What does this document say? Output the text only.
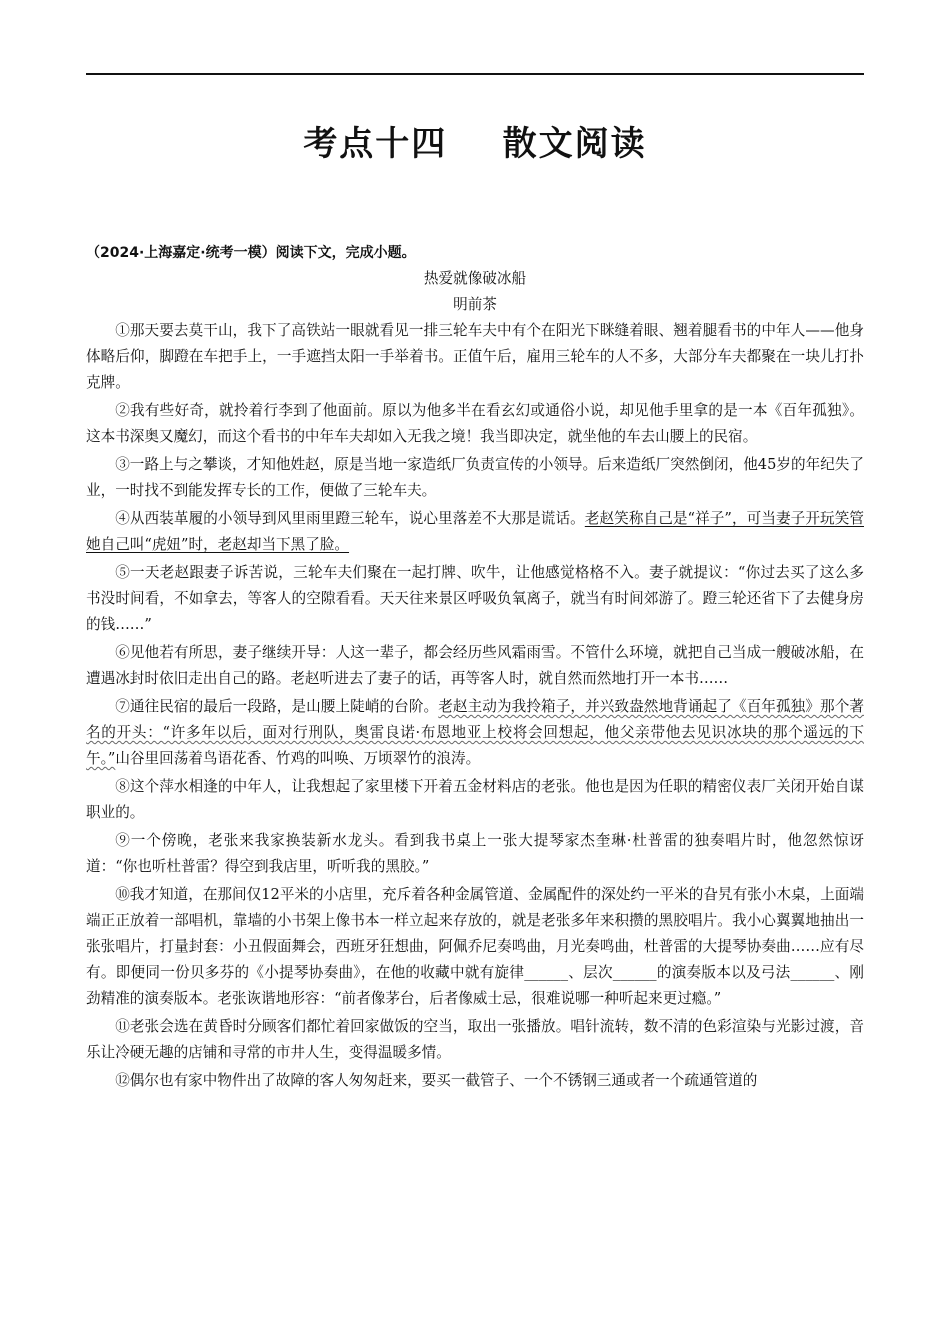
考点十四    散文阅读
（2024·上海嘉定·统考一模）阅读下文，完成小题。
热爱就像破冰船
明前茶

①那天要去莫干山，我下了高铁站一眼就看见一排三轮车夫中有个在阳光下眯缝着眼、翘着腿看书的中年人——他身体略后仰，脚蹬在车把手上，一手遮挡太阳一手举着书。正值午后，雇用三轮车的人不多，大部分车夫都聚在一块儿打扑克牌。

②我有些好奇，就拎着行李到了他面前。原以为他多半在看玄幻或通俗小说，却见他手里拿的是一本《百年孤独》。这本书深奥又魔幻，而这个看书的中年车夫却如入无我之境！我当即决定，就坐他的车去山腰上的民宿。

③一路上与之攀谈，才知他姓赵，原是当地一家造纸厂负责宣传的小领导。后来造纸厂突然倒闭，他45岁的年纪失了业，一时找不到能发挥专长的工作，便做了三轮车夫。

④从西装革履的小领导到风里雨里蹬三轮车，说心里落差不大那是谎话。老赵笑称自己是“祥子”，可当妻子开玩笑管她自己叫“虎妞”时，老赵却当下黑了脸。

⑤一天老赵跟妻子诉苦说，三轮车夫们聚在一起打牌、吹牛，让他感觉格格不入。妻子就提议：“你过去买了这么多书没时间看，不如拿去，等客人的空隙看看。天天往来景区呼吸负氧离子，就当有时间郊游了。蹬三轮还省下了去健身房的钱……”

⑥见他若有所思，妻子继续开导：人这一辈子，都会经历些风霜雨雪。不管什么环境，就把自己当成一艘破冰船，在遭遇冰封时依旧走出自己的路。老赵听进去了妻子的话，再等客人时，就自然而然地打开一本书……

⑦通往民宿的最后一段路，是山腰上陡峭的台阶。老赵主动为我拎箱子，并兴致盎然地背诵起了《百年孤独》那个著名的开头：“许多年以后，面对行刑队，奥雷良诺·布恩地亚上校将会回想起，他父亲带他去见识冰块的那个遥远的下午。”山谷里回荡着鸟语花香、竹鸡的叫唤、万顷翠竹的浪涛。

⑧这个萍水相逢的中年人，让我想起了家里楼下开着五金材料店的老张。他也是因为任职的精密仪表厂关闭开始自谋职业的。

⑨一个傍晚，老张来我家换装新水龙头。看到我书桌上一张大提琴家杰奎琳·杜普雷的独奏唱片时，他忽然惊讶道：“你也听杜普雷？得空到我店里，听听我的黑胶。”

⑩我才知道，在那间仅12平米的小店里，充斥着各种金属管道、金属配件的深处约一平米的旮旯有张小木桌，上面端端正正放着一部唱机，靠墙的小书架上像书本一样立起来存放的，就是老张多年来积攒的黑胶唱片。我小心翼翼地抽出一张张唱片，打量封套：小丑假面舞会，西班牙狂想曲，阿佩乔尼奏鸣曲，月光奏鸣曲，杜普雷的大提琴协奏曲……应有尽有。即便同一份贝多芬的《小提琴协奏曲》，在他的收藏中就有旋律______、层次______的演奏版本以及弓法______、刚劲精准的演奏版本。老张诙谐地形容：“前者像茅台，后者像威士忌，很难说哪一种听起来更过瘾。”

⑪老张会选在黄昏时分顾客们都忙着回家做饭的空当，取出一张播放。唱针流转，数不清的色彩渲染与光影过渡，音乐让冷硬无趣的店铺和寻常的市井人生，变得温暖多情。

⑫偶尔也有家中物件出了故障的客人匆匆赶来，要买一截管子、一个不锈钢三通或者一个疏通管道的
